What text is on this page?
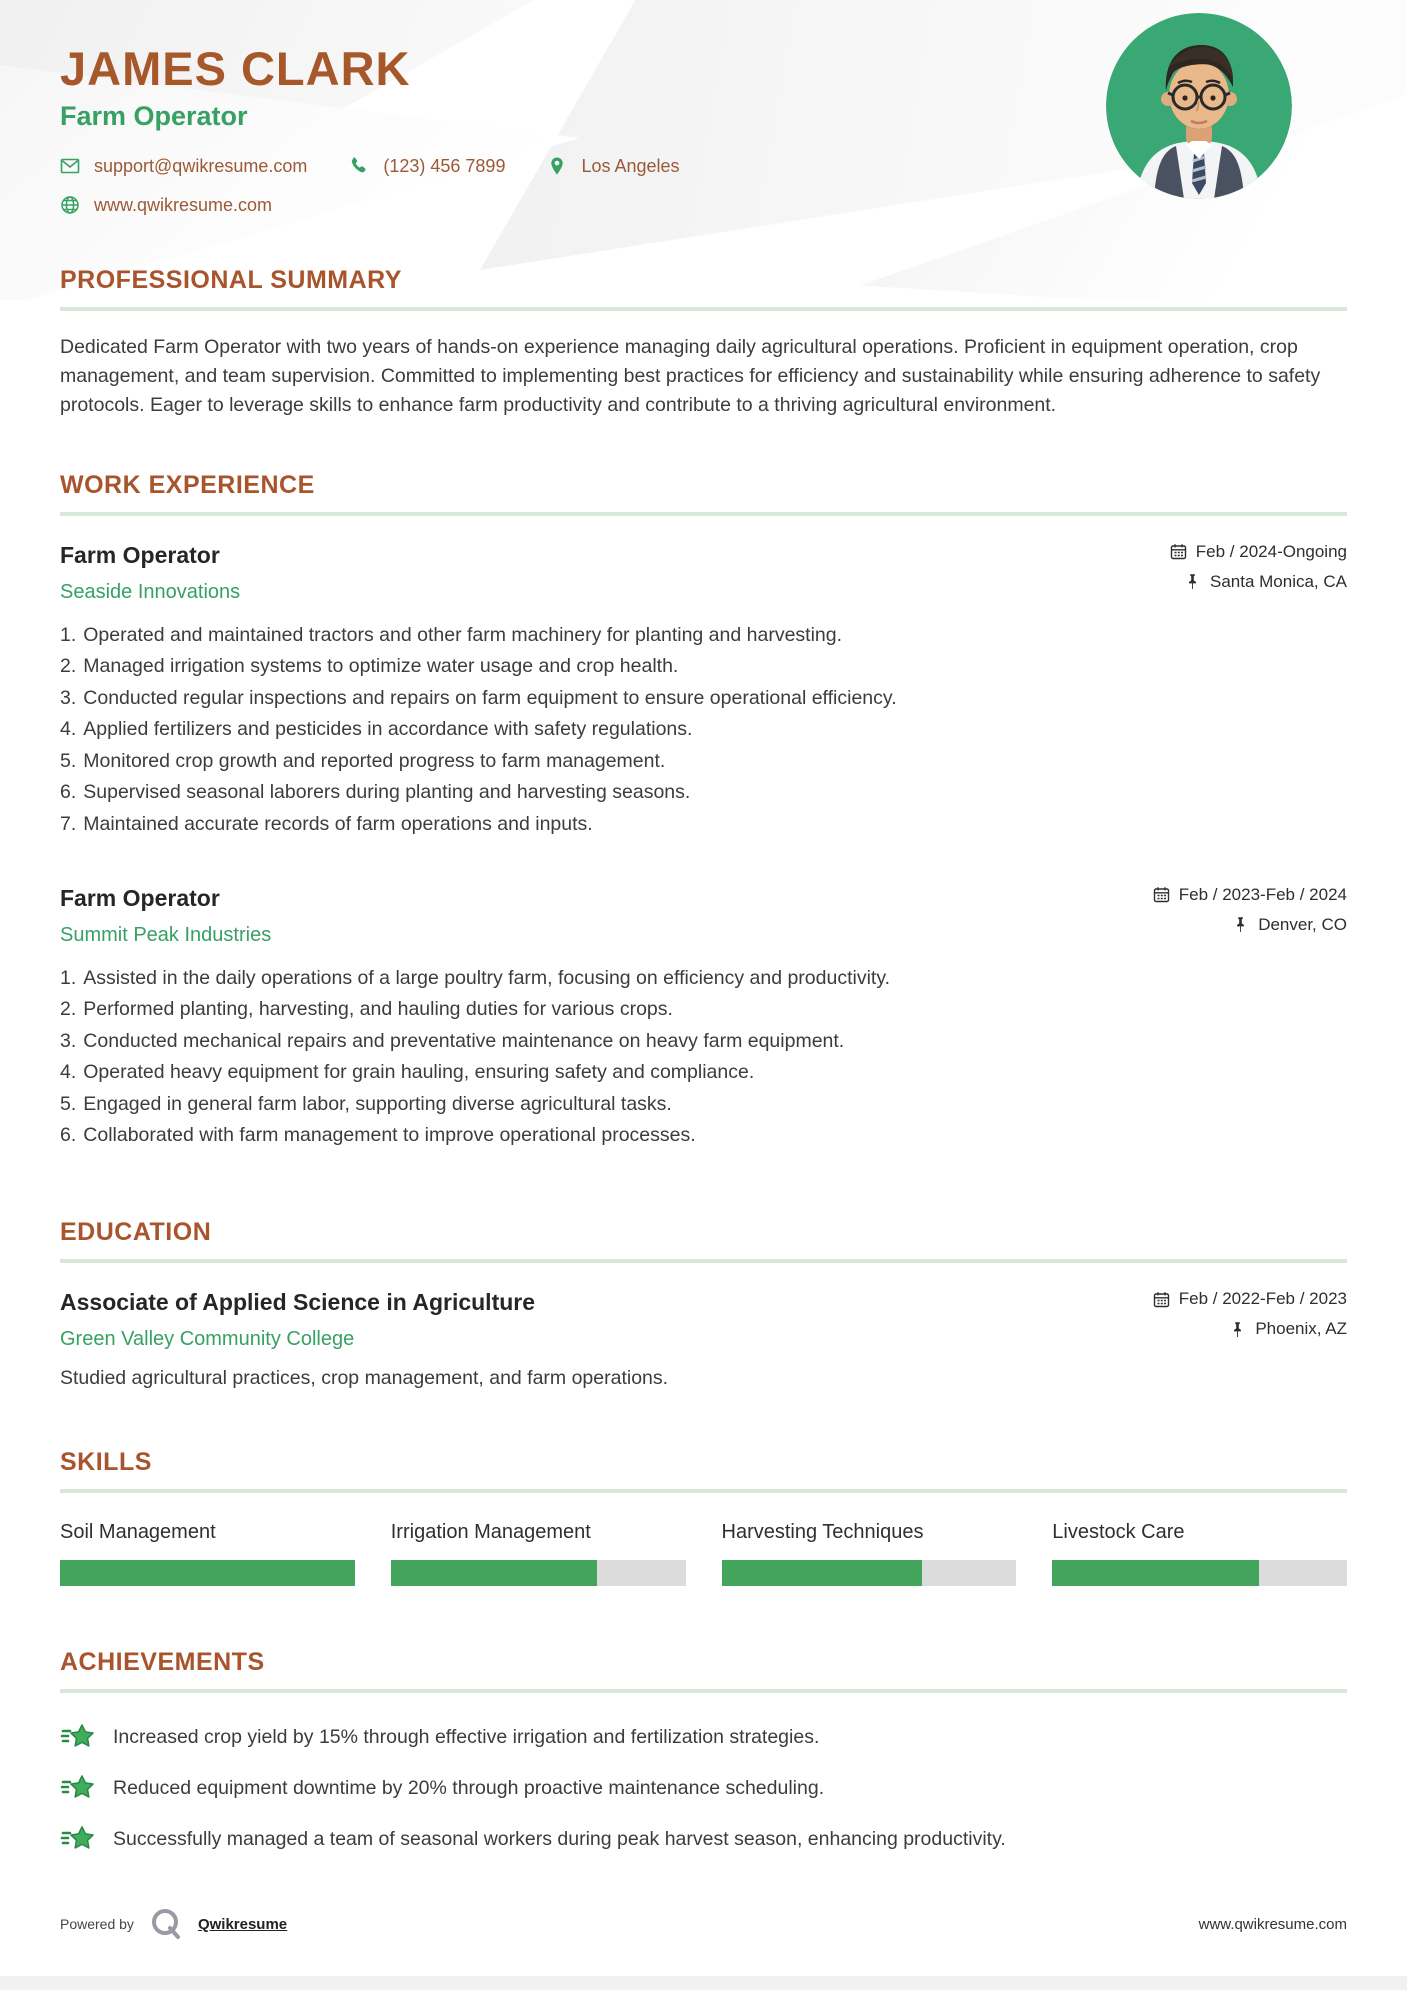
JAMES CLARK
Farm Operator
support@qwikresume.com	(123) 456 7899	Los Angeles
www.qwikresume.com
PROFESSIONAL SUMMARY

Dedicated Farm Operator with two years of hands-on experience managing daily agricultural operations. Proficient in equipment operation, crop management, and team supervision. Committed to implementing best practices for efficiency and sustainability while ensuring adherence to safety protocols. Eager to leverage skills to enhance farm productivity and contribute to a thriving agricultural environment.

WORK EXPERIENCE
Farm Operator
Seaside Innovations
Feb / 2024-Ongoing
Santa Monica, CA
1. Operated and maintained tractors and other farm machinery for planting and harvesting.
2. Managed irrigation systems to optimize water usage and crop health.
3. Conducted regular inspections and repairs on farm equipment to ensure operational efficiency.
4. Applied fertilizers and pesticides in accordance with safety regulations.
5. Monitored crop growth and reported progress to farm management.
6. Supervised seasonal laborers during planting and harvesting seasons.
7. Maintained accurate records of farm operations and inputs.
Farm Operator
Summit Peak Industries
Feb / 2023-Feb / 2024
Denver, CO
1. Assisted in the daily operations of a large poultry farm, focusing on efficiency and productivity.
2. Performed planting, harvesting, and hauling duties for various crops.
3. Conducted mechanical repairs and preventative maintenance on heavy farm equipment.
4. Operated heavy equipment for grain hauling, ensuring safety and compliance.
5. Engaged in general farm labor, supporting diverse agricultural tasks.
6. Collaborated with farm management to improve operational processes.
EDUCATION
Associate of Applied Science in Agriculture
Green Valley Community College
Feb / 2022-Feb / 2023
Phoenix, AZ

Studied agricultural practices, crop management, and farm operations.

SKILLS
Soil Management	Irrigation Management	Harvesting Techniques	Livestock Care
ACHIEVEMENTS
Increased crop yield by 15% through effective irrigation and fertilization strategies.
Reduced equipment downtime by 20% through proactive maintenance scheduling.
Successfully managed a team of seasonal workers during peak harvest season, enhancing productivity.
Powered by	Qwikresume	www.qwikresume.com
